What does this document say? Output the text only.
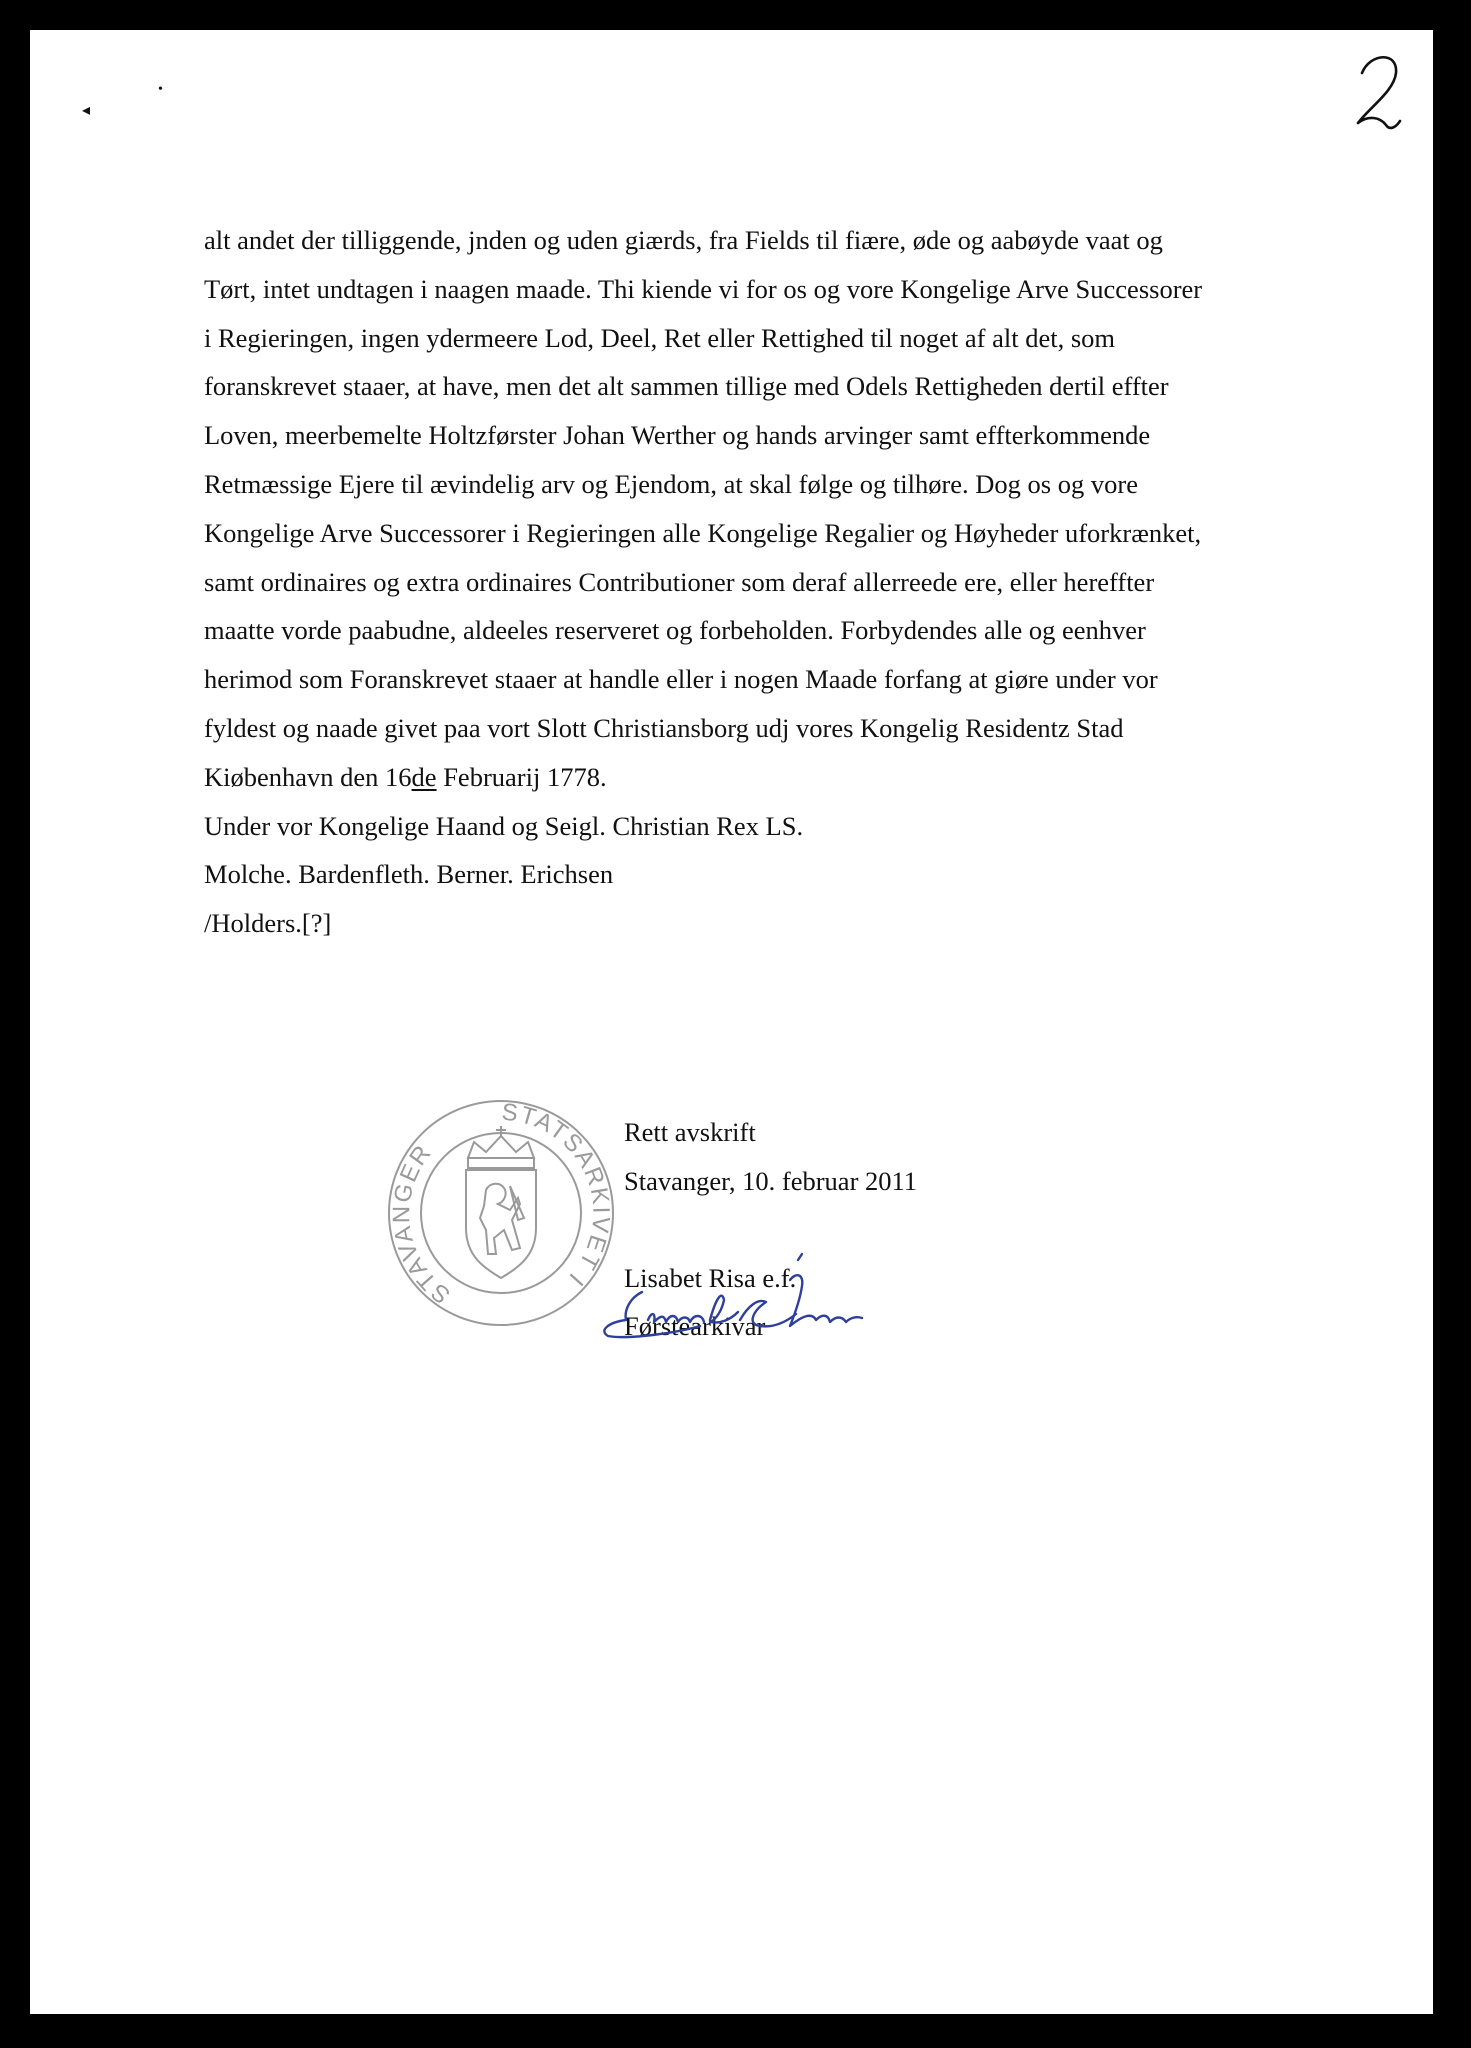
◂
•
alt andet der tilliggende, jnden og uden giærds, fra Fields til fiære, øde og aabøyde vaat og
Tørt, intet undtagen i naagen maade. Thi kiende vi for os og vore Kongelige Arve Successorer
i Regieringen, ingen ydermeere Lod, Deel, Ret eller Rettighed til noget af alt det, som
foranskrevet staaer, at have, men det alt sammen tillige med Odels Rettigheden dertil effter
Loven, meerbemelte Holtzførster Johan Werther og hands arvinger samt effterkommende
Retmæssige Ejere til ævindelig arv og Ejendom, at skal følge og tilhøre. Dog os og vore
Kongelige Arve Successorer i Regieringen alle Kongelige Regalier og Høyheder uforkrænket,
samt ordinaires og extra ordinaires Contributioner som deraf allerreede ere, eller hereffter
maatte vorde paabudne, aldeeles reserveret og forbeholden. Forbydendes alle og eenhver
herimod som Foranskrevet staaer at handle eller i nogen Maade forfang at giøre under vor
fyldest og naade givet paa vort Slott Christiansborg udj vores Kongelig Residentz Stad
Kiøbenhavn den 16de Februarij 1778.
Under vor Kongelige Haand og Seigl. Christian Rex LS.
Molche. Bardenfleth. Berner. Erichsen
/Holders.[?]
STATSARKIVET I
STAVANGER
Rett avskrift
Stavanger, 10. februar 2011
Lisabet Risa e.f.
Førstearkivar
